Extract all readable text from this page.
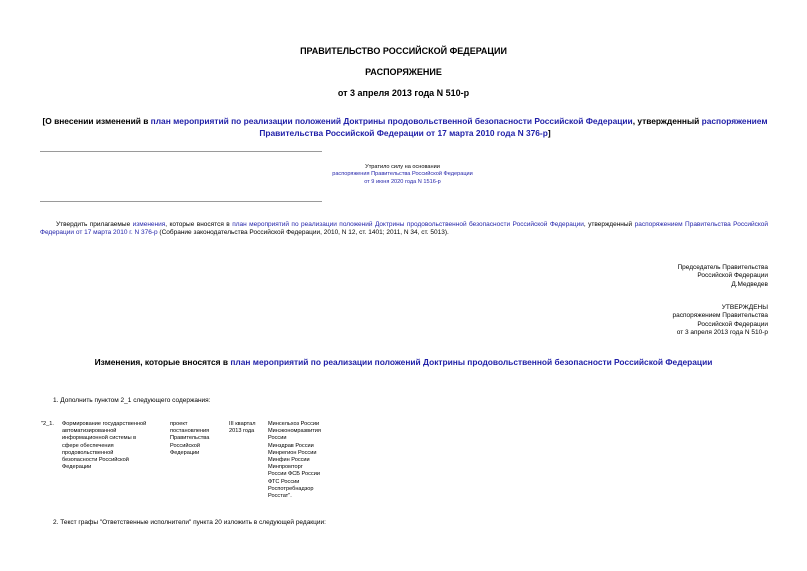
ПРАВИТЕЛЬСТВО РОССИЙСКОЙ ФЕДЕРАЦИИ
РАСПОРЯЖЕНИЕ
от 3 апреля 2013 года N 510-р
[О внесении изменений в план мероприятий по реализации положений Доктрины продовольственной безопасности Российской Федерации, утвержденный распоряжением Правительства Российской Федерации от 17 марта 2010 года N 376-р]
Утратило силу на основании
распоряжения Правительства Российской Федерации
от 9 июня 2020 года N 1516-р
Утвердить прилагаемые изменения, которые вносятся в план мероприятий по реализации положений Доктрины продовольственной безопасности Российской Федерации, утвержденный распоряжением Правительства Российской Федерации от 17 марта 2010 г. N 376-р (Собрание законодательства Российской Федерации, 2010, N 12, ст. 1401; 2011, N 34, ст. 5013).
Председатель Правительства
Российской Федерации
Д.Медведев
УТВЕРЖДЕНЫ
распоряжением Правительства
Российской Федерации
от 3 апреля 2013 года N 510-р
Изменения, которые вносятся в план мероприятий по реализации положений Доктрины продовольственной безопасности Российской Федерации
1. Дополнить пунктом 2_1 следующего содержания:
"2_1. Формирование государственной
автоматизированной
информационной системы в
сфере обеспечения
продовольственной
безопасности Российской
Федерации
проект
постановления
Правительства
Российской
Федерации
III квартал
2013 года
Минсельхоз России
Минэкономразвития
России
Минздрав России
Минрегион России
Минфин России
Минпромторг
России ФСБ России
ФТС России
Роспотребнадзор
Росстат".
2. Текст графы "Ответственные исполнители" пункта 20 изложить в следующей редакции:
